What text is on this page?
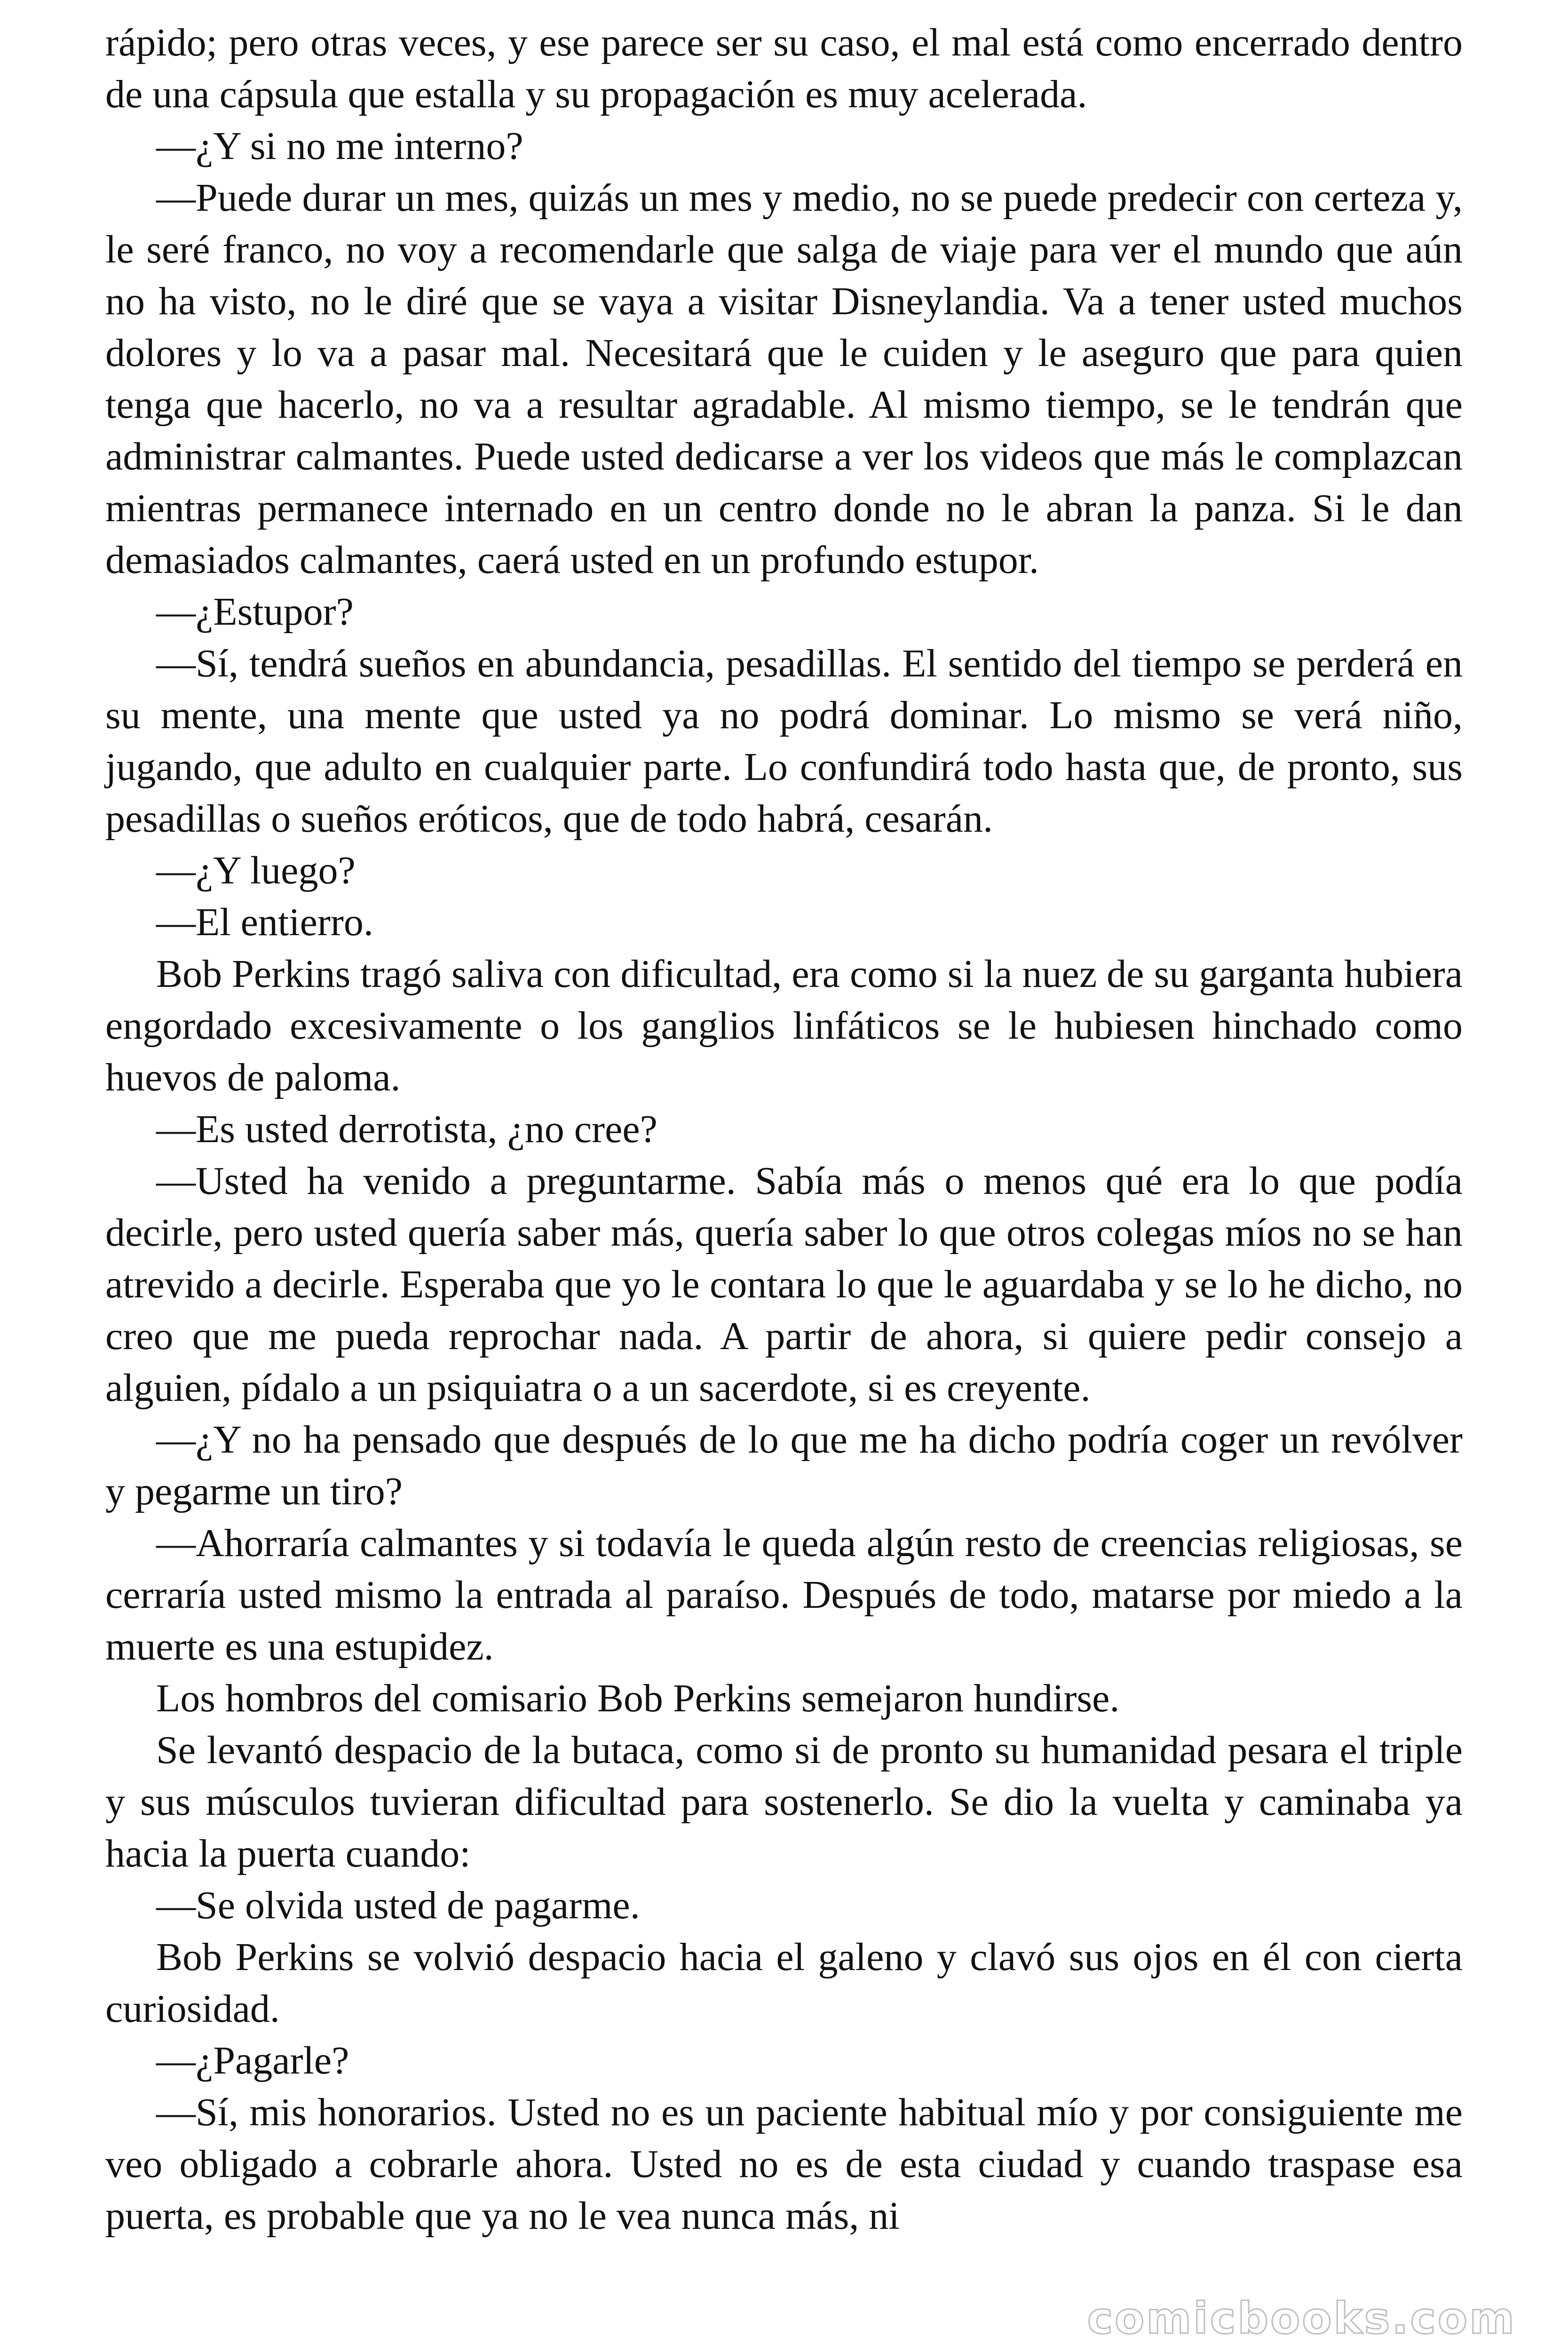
rápido; pero otras veces, y ese parece ser su caso, el mal está como encerrado dentro de una cápsula que estalla y su propagación es muy acelerada.

—¿Y si no me interno?

—Puede durar un mes, quizás un mes y medio, no se puede predecir con certeza y, le seré franco, no voy a recomendarle que salga de viaje para ver el mundo que aún no ha visto, no le diré que se vaya a visitar Disneylandia. Va a tener usted muchos dolores y lo va a pasar mal. Necesitará que le cuiden y le aseguro que para quien tenga que hacerlo, no va a resultar agradable. Al mismo tiempo, se le tendrán que administrar calmantes. Puede usted dedicarse a ver los videos que más le complazcan mientras permanece internado en un centro donde no le abran la panza. Si le dan demasiados calmantes, caerá usted en un profundo estupor.

—¿Estupor?

—Sí, tendrá sueños en abundancia, pesadillas. El sentido del tiempo se perderá en su mente, una mente que usted ya no podrá dominar. Lo mismo se verá niño, jugando, que adulto en cualquier parte. Lo confundirá todo hasta que, de pronto, sus pesadillas o sueños eróticos, que de todo habrá, cesarán.

—¿Y luego?

—El entierro.

Bob Perkins tragó saliva con dificultad, era como si la nuez de su garganta hubiera engordado excesivamente o los ganglios linfáticos se le hubiesen hinchado como huevos de paloma.

—Es usted derrotista, ¿no cree?

—Usted ha venido a preguntarme. Sabía más o menos qué era lo que podía decirle, pero usted quería saber más, quería saber lo que otros colegas míos no se han atrevido a decirle. Esperaba que yo le contara lo que le aguardaba y se lo he dicho, no creo que me pueda reprochar nada. A partir de ahora, si quiere pedir consejo a alguien, pídalo a un psiquiatra o a un sacerdote, si es creyente.

—¿Y no ha pensado que después de lo que me ha dicho podría coger un revólver y pegarme un tiro?

—Ahorraría calmantes y si todavía le queda algún resto de creencias religiosas, se cerraría usted mismo la entrada al paraíso. Después de todo, matarse por miedo a la muerte es una estupidez.

Los hombros del comisario Bob Perkins semejaron hundirse.

Se levantó despacio de la butaca, como si de pronto su humanidad pesara el triple y sus músculos tuvieran dificultad para sostenerlo. Se dio la vuelta y caminaba ya hacia la puerta cuando:

—Se olvida usted de pagarme.

Bob Perkins se volvió despacio hacia el galeno y clavó sus ojos en él con cierta curiosidad.

—¿Pagarle?

—Sí, mis honorarios. Usted no es un paciente habitual mío y por consiguiente me veo obligado a cobrarle ahora. Usted no es de esta ciudad y cuando traspase esa puerta, es probable que ya no le vea nunca más, ni

comicbooks.com
